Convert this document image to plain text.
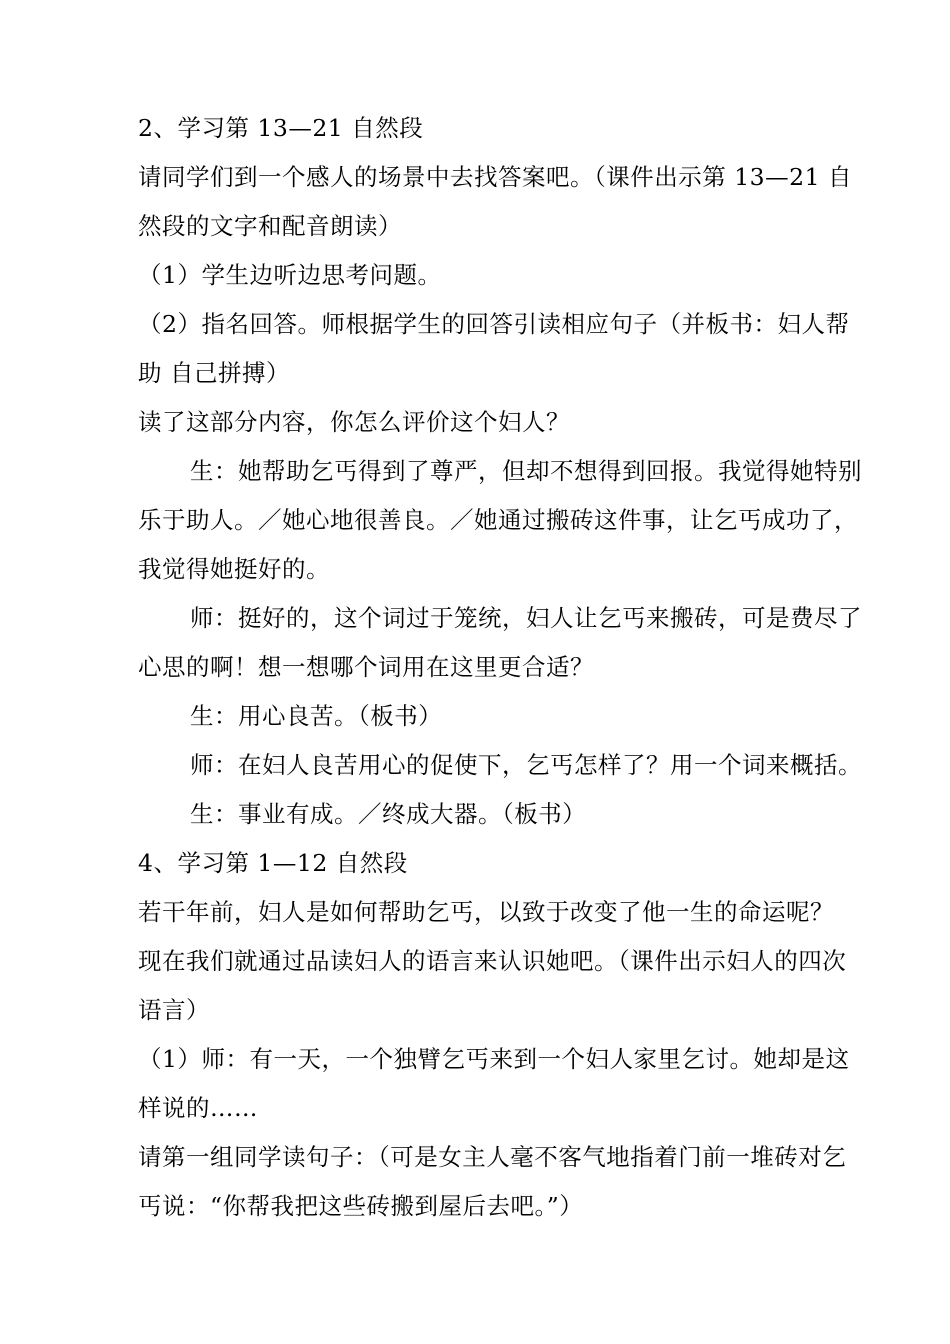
2、学习第 13—21 自然段

请同学们到一个感人的场景中去找答案吧。（课件出示第 13—21 自然段的文字和配音朗读）

（1）学生边听边思考问题。

（2）指名回答。师根据学生的回答引读相应句子（并板书：妇人帮助 自己拼搏）

读了这部分内容，你怎么评价这个妇人？

生：她帮助乞丐得到了尊严，但却不想得到回报。我觉得她特别乐于助人。／她心地很善良。／她通过搬砖这件事，让乞丐成功了，我觉得她挺好的。

师：挺好的，这个词过于笼统，妇人让乞丐来搬砖，可是费尽了心思的啊！想一想哪个词用在这里更合适？

生：用心良苦。（板书）

师：在妇人良苦用心的促使下，乞丐怎样了？用一个词来概括。

生：事业有成。／终成大器。（板书）

4、学习第 1—12 自然段

若干年前，妇人是如何帮助乞丐，以致于改变了他一生的命运呢？

现在我们就通过品读妇人的语言来认识她吧。（课件出示妇人的四次语言）

（1）师：有一天，一个独臂乞丐来到一个妇人家里乞讨。她却是这样说的……

请第一组同学读句子：（可是女主人毫不客气地指着门前一堆砖对乞丐说：“你帮我把这些砖搬到屋后去吧。”）
